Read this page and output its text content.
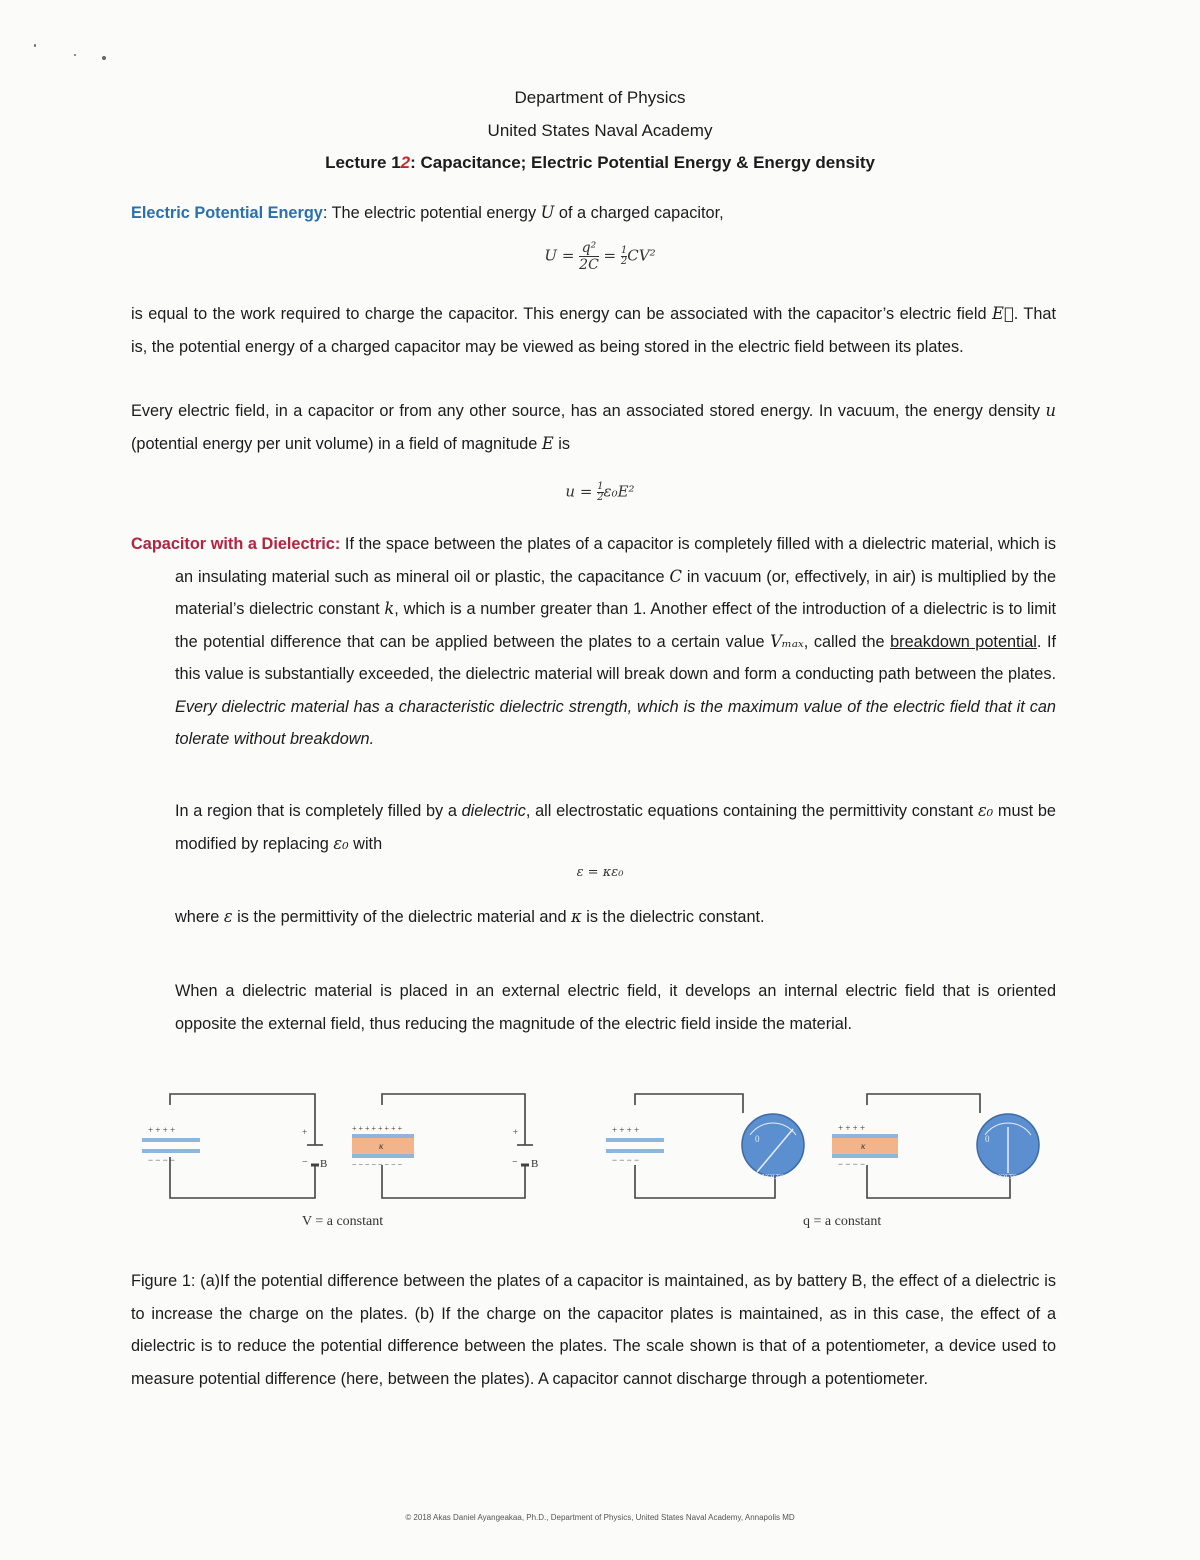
Department of Physics
United States Naval Academy
Lecture 12: Capacitance; Electric Potential Energy & Energy density
Electric Potential Energy: The electric potential energy U of a charged capacitor,
$U = \frac{\text{q²}}{2C} = \frac{1}{2} CV^2$
is equal to the work required to charge the capacitor. This energy can be associated with the capacitor’s electric field E⃗. That is, the potential energy of a charged capacitor may be viewed as being stored in the electric field between its plates.
Every electric field, in a capacitor or from any other source, has an associated stored energy. In vacuum, the energy density u (potential energy per unit volume) in a field of magnitude E is
$u = \frac{1}{2} \varepsilon_0E^2$
Capacitor with a Dielectric: If the space between the plates of a capacitor is completely filled with a dielectric material, which is an insulating material such as mineral oil or plastic, the capacitance C in vacuum (or, effectively, in air) is multiplied by the material’s dielectric constant k, which is a number greater than 1. Another effect of the introduction of a dielectric is to limit the potential difference that can be applied between the plates to a certain value Vₘₐₓ, called the breakdown potential. If this value is substantially exceeded, the dielectric material will break down and form a conducting path between the plates. Every dielectric material has a characteristic dielectric strength, which is the maximum value of the electric field that it can tolerate without breakdown.
In a region that is completely filled by a dielectric, all electrostatic equations containing the permittivity constant ε₀ must be modified by replacing ε₀ with
ε = κε₀
where ε is the permittivity of the dielectric material and κ is the dielectric constant.
When a dielectric material is placed in an external electric field, it develops an internal electric field that is oriented opposite the external field, thus reducing the magnitude of the electric field inside the material.
+ + + +
− − − −
+
− B
κ
+ + + + + + + +
− − − − − − − −
+
− B
+ + + +
− − − −
0
VOLTS
κ
+ + + +
− − − −
0
VOLTS
V = a constant	q = a constant
Figure 1: (a)If the potential difference between the plates of a capacitor is maintained, as by battery B, the effect of a dielectric is to increase the charge on the plates. (b) If the charge on the capacitor plates is maintained, as in this case, the effect of a dielectric is to reduce the potential difference between the plates. The scale shown is that of a potentiometer, a device used to measure potential difference (here, between the plates). A capacitor cannot discharge through a potentiometer.
© 2018 Akas Daniel Ayangeakaa, Ph.D., Department of Physics, United States Naval Academy, Annapolis MD
